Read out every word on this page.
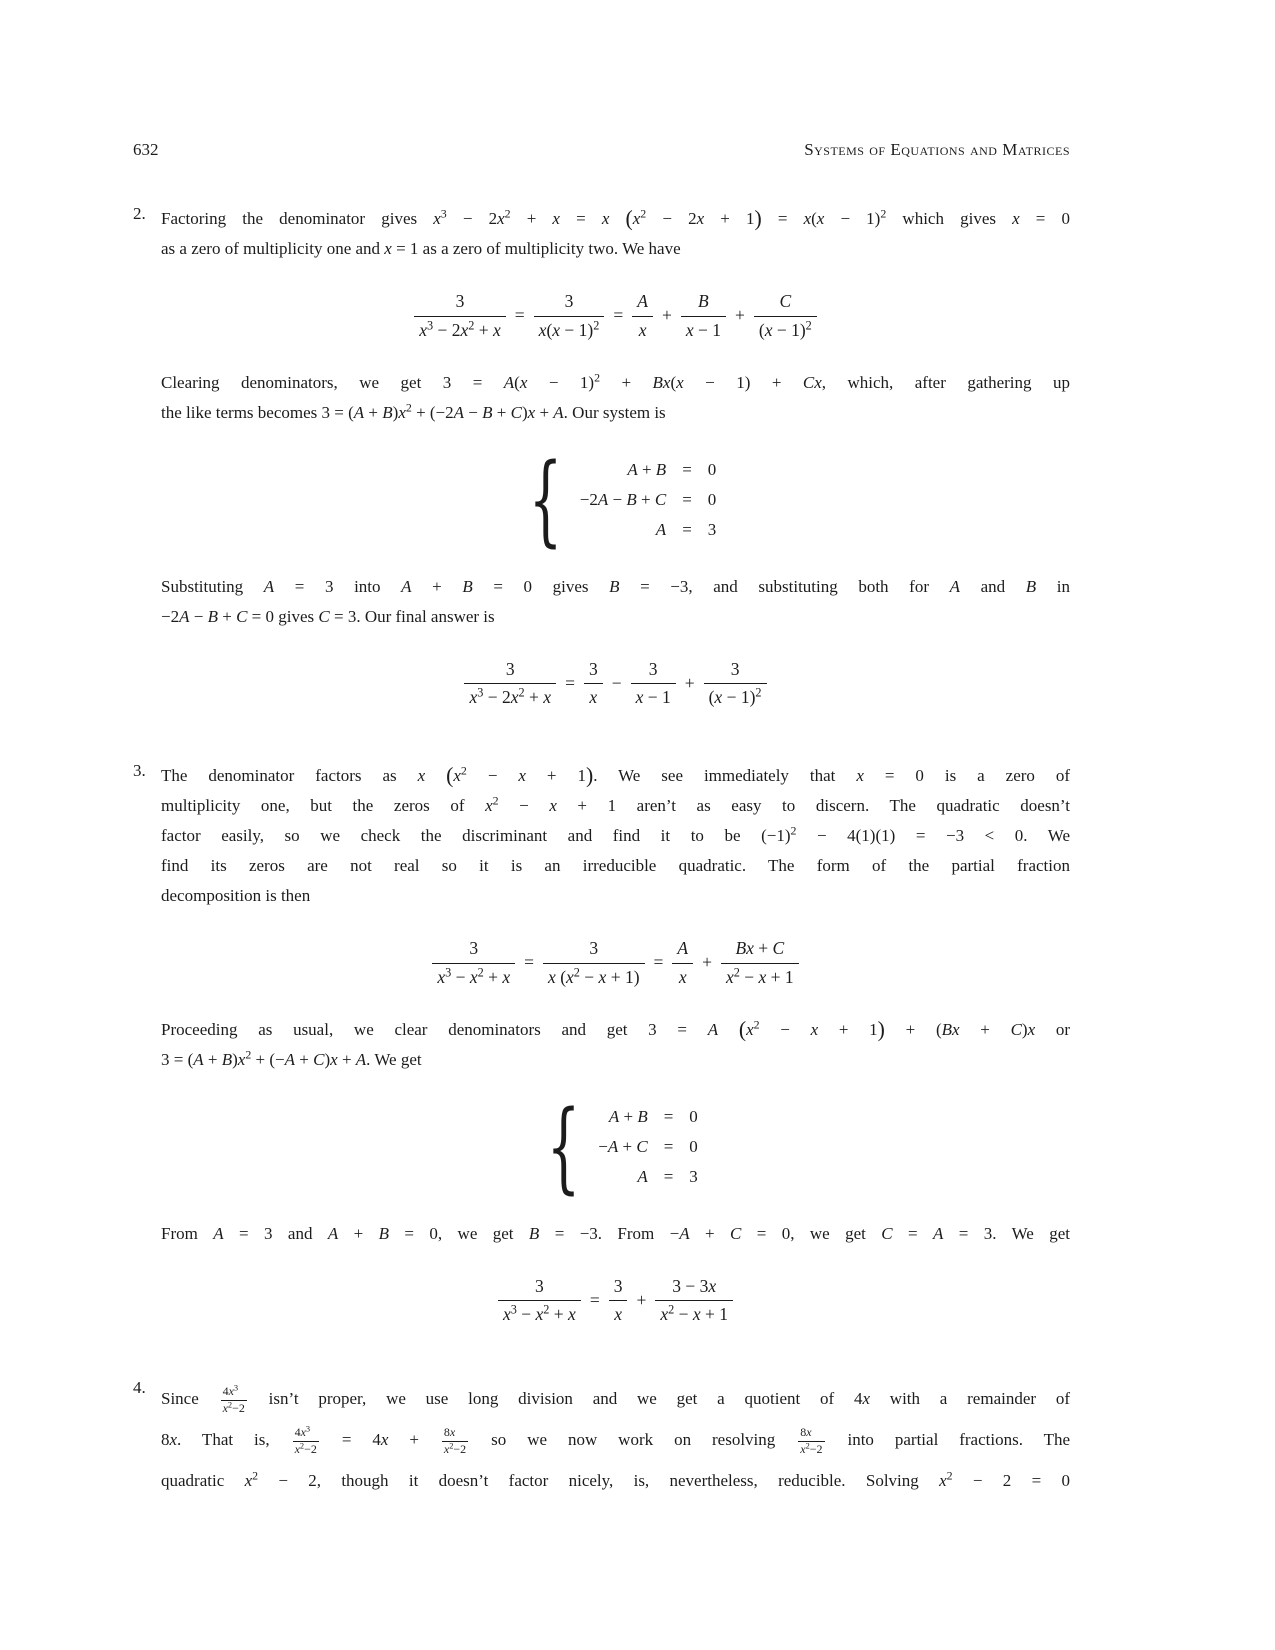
632	Systems of Equations and Matrices
2. Factoring the denominator gives $x^3 - 2x^2 + x = x$ $(x^2 - 2x + 1) = x(x - 1)^2$ which gives x = 0
as a zero of multiplicity one and x = 1 as a zero of multiplicity two. We have
$\frac{3}{x^3 - 2x^2 + x} = \frac{3}{x(x - 1)^2} = \frac{A}{x} + \frac{B}{x - 1} + \frac{C}{(x - 1)^2}$
Clearing denominators, we get $3 = A(x - 1)^2 + Bx(x - 1) + Cx$, which, after gathering up
the like terms becomes $3 = (A + B)x^2 + (-2A - B + C)x + A$. Our system is
{	A + B = 0
−2A − B + C = 0
A = 3
Substituting A = 3 into A + B = 0 gives B = −3, and substituting both for A and B in
−2A − B + C = 0 gives C = 3. Our final answer is
$\frac{3}{x^3 - 2x^2 + x} = \frac{3}{x} - \frac{3}{x - 1} + \frac{3}{(x - 1)^2}$
3. The denominator factors as x $(x^2 - x + 1)$. We see immediately that x = 0 is a zero of
multiplicity one, but the zeros of $x^2 - x + 1$ aren’t as easy to discern. The quadratic doesn’t
factor easily, so we check the discriminant and find it to be $(-1)^2 - 4(1)(1) = -3 < 0$. We
find its zeros are not real so it is an irreducible quadratic. The form of the partial fraction
decomposition is then
$\frac{3}{x^3 - x^2 + x} = \frac{3}{x (x^2 - x + 1)} = \frac{A}{x} + \frac{Bx + C}{x^2 - x + 1}$
Proceeding as usual, we clear denominators and get 3 = A $(x^2 - x + 1) + (Bx + C)x$ or
$3 = (A + B)x^2 + (-A + C)x + A$. We get
{	A + B = 0
−A + C = 0
A = 3
From A = 3 and A + B = 0, we get B = −3. From −A + C = 0, we get C = A = 3. We get
$\frac{3}{x^3 - x^2 + x} = \frac{3}{x} + \frac{3 - 3x}{x^2 - x + 1}$
4.
Since $\frac{4x^3}{x^2-2}$ isn’t proper, we use long division and we get a quotient of 4x with a remainder of
8x. That is, $\frac{4x^3}{x^2-2} = 4x + \frac{8x}{x^2-2}$ so we now work on resolving $\frac{8x}{x^2-2}$ into partial fractions. The
quadratic $x^2 - 2$, though it doesn’t factor nicely, is, nevertheless, reducible. Solving $x^2 - 2 = 0$
